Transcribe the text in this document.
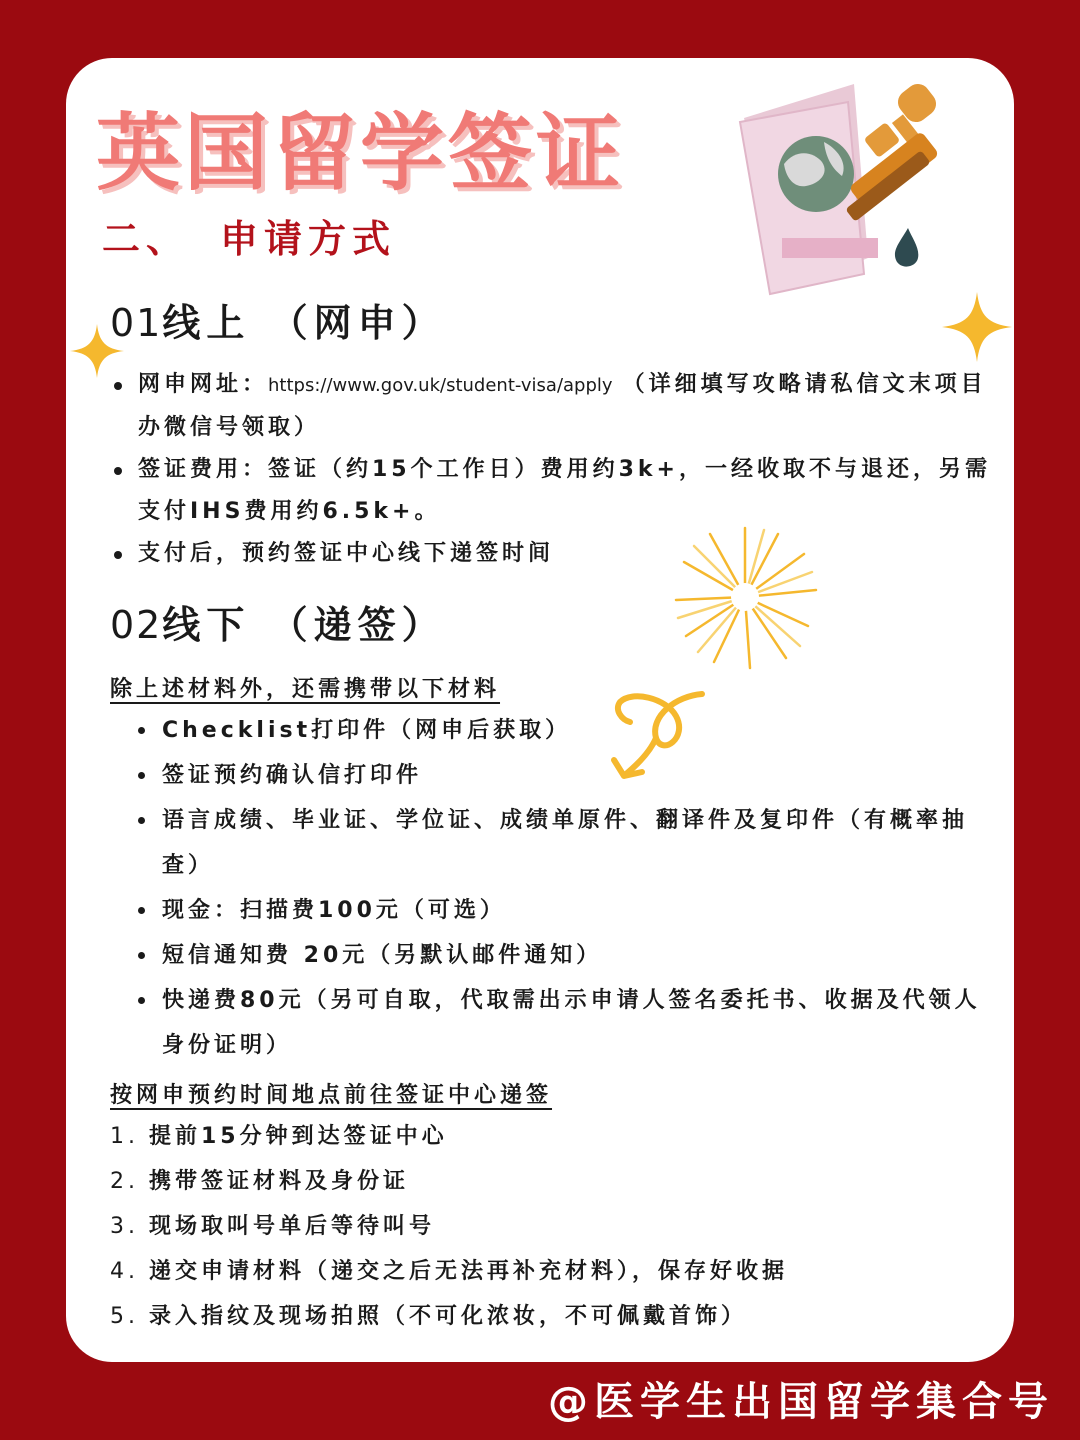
英国留学签证
二、 申请方式
01线上 （网申）
网申网址：https://www.gov.uk/student-visa/apply （详细填写攻略请私信文末项目办微信号领取）
签证费用：签证（约15个工作日）费用约3k+，一经收取不与退还，另需支付IHS费用约6.5k+。
支付后，预约签证中心线下递签时间
02线下 （递签）

除上述材料外，还需携带以下材料

Checklist打印件（网申后获取）
签证预约确认信打印件
语言成绩、毕业证、学位证、成绩单原件、翻译件及复印件（有概率抽查）
现金：扫描费100元（可选）
短信通知费 20元（另默认邮件通知）
快递费80元（另可自取，代取需出示申请人签名委托书、收据及代领人身份证明）

按网申预约时间地点前往签证中心递签

1. 提前15分钟到达签证中心
2. 携带签证材料及身份证
3. 现场取叫号单后等待叫号
4. 递交申请材料（递交之后无法再补充材料），保存好收据
5. 录入指纹及现场拍照（不可化浓妆，不可佩戴首饰）

@医学生出国留学集合号
